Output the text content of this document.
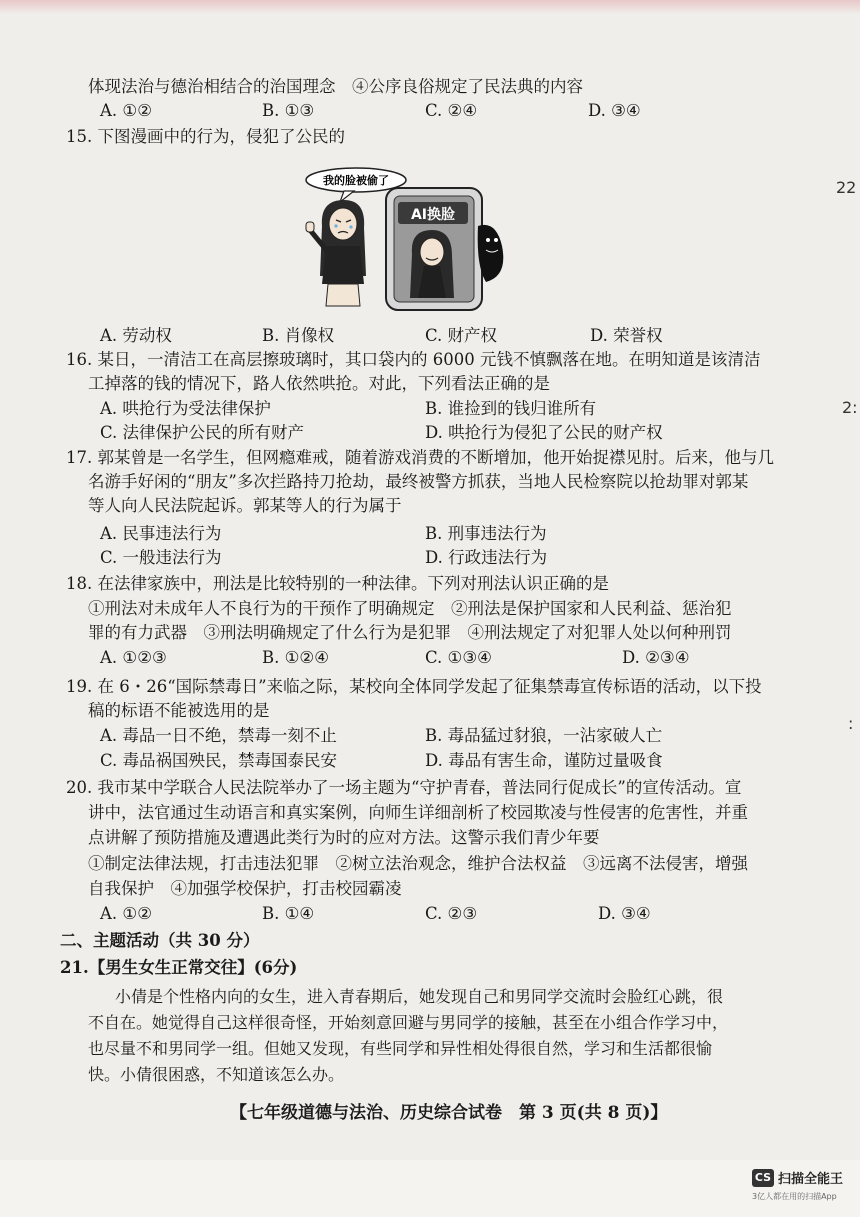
体现法治与德治相结合的治国理念　④公序良俗规定了民法典的内容
A. ①②	B. ①③	C. ②④	D. ③④
15. 下图漫画中的行为，侵犯了公民的
我的脸被偷了
AI换脸
A. 劳动权	B. 肖像权	C. 财产权	D. 荣誉权
16. 某日，一清洁工在高层擦玻璃时，其口袋内的 6000 元钱不慎飘落在地。在明知道是该清洁
工掉落的钱的情况下，路人依然哄抢。对此，下列看法正确的是
A. 哄抢行为受法律保护	B. 谁捡到的钱归谁所有
C. 法律保护公民的所有财产	D. 哄抢行为侵犯了公民的财产权
17. 郭某曾是一名学生，但网瘾难戒，随着游戏消费的不断增加，他开始捉襟见肘。后来，他与几
名游手好闲的“朋友”多次拦路持刀抢劫，最终被警方抓获，当地人民检察院以抢劫罪对郭某
等人向人民法院起诉。郭某等人的行为属于
A. 民事违法行为	B. 刑事违法行为
C. 一般违法行为	D. 行政违法行为
18. 在法律家族中，刑法是比较特别的一种法律。下列对刑法认识正确的是
①刑法对未成年人不良行为的干预作了明确规定　②刑法是保护国家和人民利益、惩治犯
罪的有力武器　③刑法明确规定了什么行为是犯罪　④刑法规定了对犯罪人处以何种刑罚
A. ①②③	B. ①②④	C. ①③④	D. ②③④
19. 在 6・26“国际禁毒日”来临之际，某校向全体同学发起了征集禁毒宣传标语的活动，以下投
稿的标语不能被选用的是
A. 毒品一日不绝，禁毒一刻不止	B. 毒品猛过豺狼，一沾家破人亡
C. 毒品祸国殃民，禁毒国泰民安	D. 毒品有害生命，谨防过量吸食
20. 我市某中学联合人民法院举办了一场主题为“守护青春，普法同行促成长”的宣传活动。宣
讲中，法官通过生动语言和真实案例，向师生详细剖析了校园欺凌与性侵害的危害性，并重
点讲解了预防措施及遭遇此类行为时的应对方法。这警示我们青少年要
①制定法律法规，打击违法犯罪　②树立法治观念，维护合法权益　③远离不法侵害，增强
自我保护　④加强学校保护，打击校园霸凌
A. ①②	B. ①④	C. ②③	D. ③④
二、主题活动（共 30 分）
21.【男生女生正常交往】(6分)
小倩是个性格内向的女生，进入青春期后，她发现自己和男同学交流时会脸红心跳，很
不自在。她觉得自己这样很奇怪，开始刻意回避与男同学的接触，甚至在小组合作学习中，
也尽量不和男同学一组。但她又发现，有些同学和异性相处得很自然，学习和生活都很愉
快。小倩很困惑，不知道该怎么办。
【七年级道德与法治、历史综合试卷　第 3 页(共 8 页)】
22
2:
:
CS 扫描全能王
3亿人都在用的扫描App
